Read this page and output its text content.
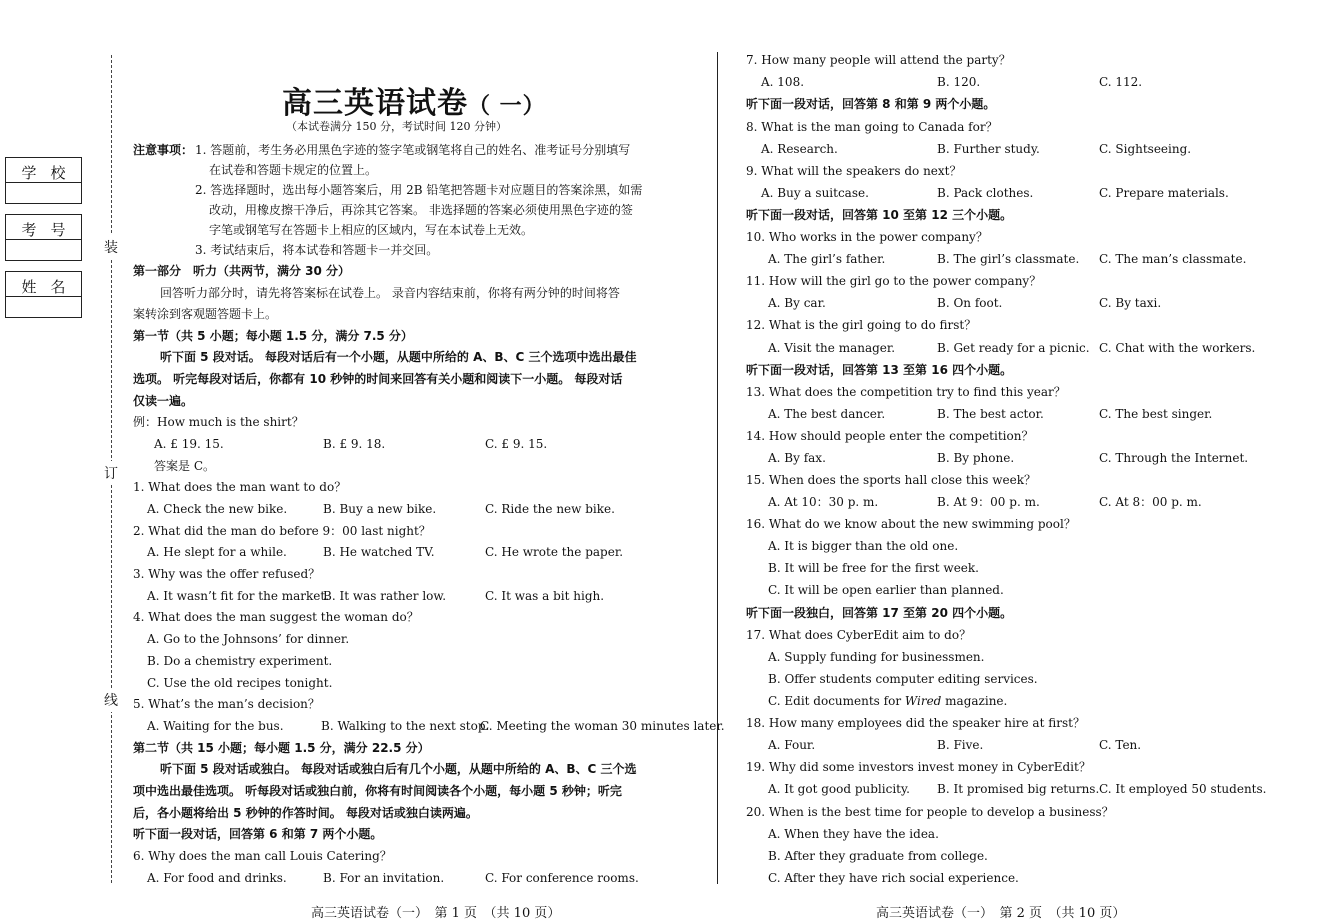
装
订
线
学校
考号
姓名
高三英语试卷（ 一）
（本试卷满分 150 分，考试时间 120 分钟）
注意事项： 1. 答题前，考生务必用黑色字迹的签字笔或钢笔将自己的姓名、准考证号分别填写
在试卷和答题卡规定的位置上。
2. 答选择题时，选出每小题答案后，用 2B 铅笔把答题卡对应题目的答案涂黑，如需
改动，用橡皮擦干净后，再涂其它答案。 非选择题的答案必须使用黑色字迹的签
字笔或钢笔写在答题卡上相应的区域内，写在本试卷上无效。
3. 考试结束后，将本试卷和答题卡一并交回。
第一部分　听力（共两节，满分 30 分）
回答听力部分时，请先将答案标在试卷上。 录音内容结束前，你将有两分钟的时间将答
案转涂到客观题答题卡上。
第一节（共 5 小题；每小题 1.5 分，满分 7.5 分）
听下面 5 段对话。 每段对话后有一个小题，从题中所给的 A、B、C 三个选项中选出最佳
选项。 听完每段对话后，你都有 10 秒钟的时间来回答有关小题和阅读下一小题。 每段对话
仅读一遍。
例：How much is the shirt？
A. £ 19. 15.	B. £ 9. 18.	C. £ 9. 15.
答案是 C。
1. What does the man want to do？
A. Check the new bike.	B. Buy a new bike.	C. Ride the new bike.
2. What did the man do before 9：00 last night？
A. He slept for a while.	B. He watched TV.	C. He wrote the paper.
3. Why was the offer refused？
A. It wasn’t fit for the market.
B. It was rather low.	C. It was a bit high.
4. What does the man suggest the woman do？
A. Go to the Johnsons’ for dinner.
B. Do a chemistry experiment.
C. Use the old recipes tonight.
5. What’s the man’s decision？
A. Waiting for the bus.	B. Walking to the next stop.
C. Meeting the woman 30 minutes later.
第二节（共 15 小题；每小题 1.5 分，满分 22.5 分）
听下面 5 段对话或独白。 每段对话或独白后有几个小题，从题中所给的 A、B、C 三个选
项中选出最佳选项。 听每段对话或独白前，你将有时间阅读各个小题，每小题 5 秒钟；听完
后，各小题将给出 5 秒钟的作答时间。 每段对话或独白读两遍。
听下面一段对话，回答第 6 和第 7 两个小题。
6. Why does the man call Louis Catering？
A. For food and drinks.	B. For an invitation.	C. For conference rooms.
7. How many people will attend the party？
A. 108.	B. 120.	C. 112.
听下面一段对话，回答第 8 和第 9 两个小题。
8. What is the man going to Canada for？
A. Research.	B. Further study.	C. Sightseeing.
9. What will the speakers do next？
A. Buy a suitcase.	B. Pack clothes.	C. Prepare materials.
听下面一段对话，回答第 10 至第 12 三个小题。
10. Who works in the power company？
A. The girl’s father.	B. The girl’s classmate. C. The man’s classmate.
11. How will the girl go to the power company？
A. By car.	B. On foot.	C. By taxi.
12. What is the girl going to do first？
A. Visit the manager.	B. Get ready for a picnic. C. Chat with the workers.
听下面一段对话，回答第 13 至第 16 四个小题。
13. What does the competition try to find this year？
A. The best dancer.	B. The best actor.	C. The best singer.
14. How should people enter the competition？
A. By fax.	B. By phone.	C. Through the Internet.
15. When does the sports hall close this week？
A. At 10：30 p. m.	B. At 9：00 p. m.	C. At 8：00 p. m.
16. What do we know about the new swimming pool？
A. It is bigger than the old one.
B. It will be free for the first week.
C. It will be open earlier than planned.
听下面一段独白，回答第 17 至第 20 四个小题。
17. What does CyberEdit aim to do？
A. Supply funding for businessmen.
B. Offer students computer editing services.
C. Edit documents for Wired magazine.
18. How many employees did the speaker hire at first？
A. Four.	B. Five.	C. Ten.
19. Why did some investors invest money in CyberEdit？
A. It got good publicity. B. It promised big returns. C. It employed 50 students.
20. When is the best time for people to develop a business？
A. When they have the idea.
B. After they graduate from college.
C. After they have rich social experience.
高三英语试卷（一）　第 1 页　（共 10 页）	高三英语试卷（一）　第 2 页　（共 10 页）
